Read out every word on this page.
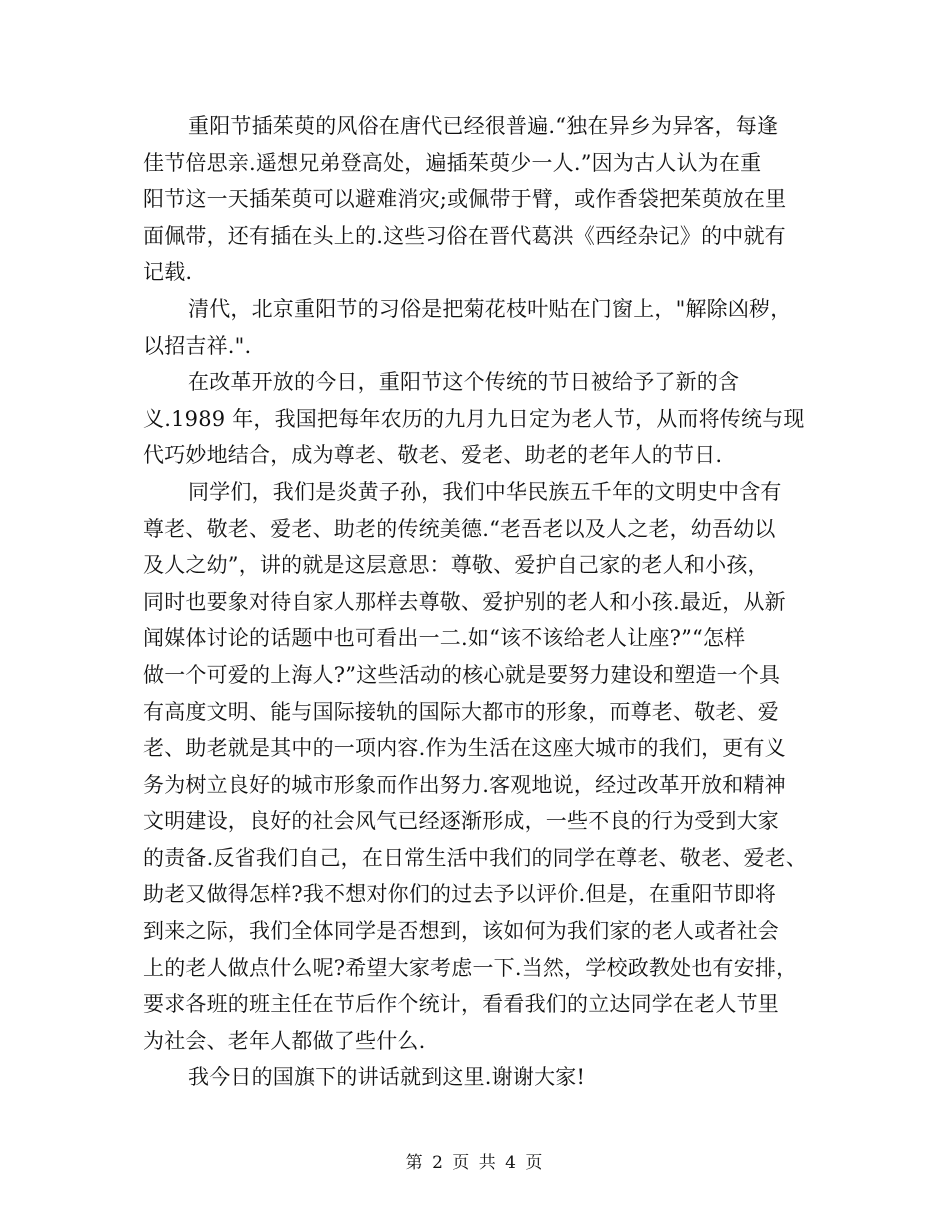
重阳节插茱萸的风俗在唐代已经很普遍.“独在异乡为异客，每逢
佳节倍思亲.遥想兄弟登高处，遍插茱萸少一人.”因为古人认为在重
阳节这一天插茱萸可以避难消灾;或佩带于臂，或作香袋把茱萸放在里
面佩带，还有插在头上的.这些习俗在晋代葛洪《西经杂记》的中就有
记载.
清代，北京重阳节的习俗是把菊花枝叶贴在门窗上，"解除凶秽，
以招吉祥.".
在改革开放的今日，重阳节这个传统的节日被给予了新的含
义.1989 年，我国把每年农历的九月九日定为老人节，从而将传统与现
代巧妙地结合，成为尊老、敬老、爱老、助老的老年人的节日.
同学们，我们是炎黄子孙，我们中华民族五千年的文明史中含有
尊老、敬老、爱老、助老的传统美德.“老吾老以及人之老，幼吾幼以
及人之幼”，讲的就是这层意思：尊敬、爱护自己家的老人和小孩，
同时也要象对待自家人那样去尊敬、爱护别的老人和小孩.最近，从新
闻媒体讨论的话题中也可看出一二.如“该不该给老人让座?”“怎样
做一个可爱的上海人?”这些活动的核心就是要努力建设和塑造一个具
有高度文明、能与国际接轨的国际大都市的形象，而尊老、敬老、爱
老、助老就是其中的一项内容.作为生活在这座大城市的我们，更有义
务为树立良好的城市形象而作出努力.客观地说，经过改革开放和精神
文明建设，良好的社会风气已经逐渐形成，一些不良的行为受到大家
的责备.反省我们自己，在日常生活中我们的同学在尊老、敬老、爱老、
助老又做得怎样?我不想对你们的过去予以评价.但是，在重阳节即将
到来之际，我们全体同学是否想到，该如何为我们家的老人或者社会
上的老人做点什么呢?希望大家考虑一下.当然，学校政教处也有安排，
要求各班的班主任在节后作个统计，看看我们的立达同学在老人节里
为社会、老年人都做了些什么.
我今日的国旗下的讲话就到这里.谢谢大家!
第 2 页 共 4 页
